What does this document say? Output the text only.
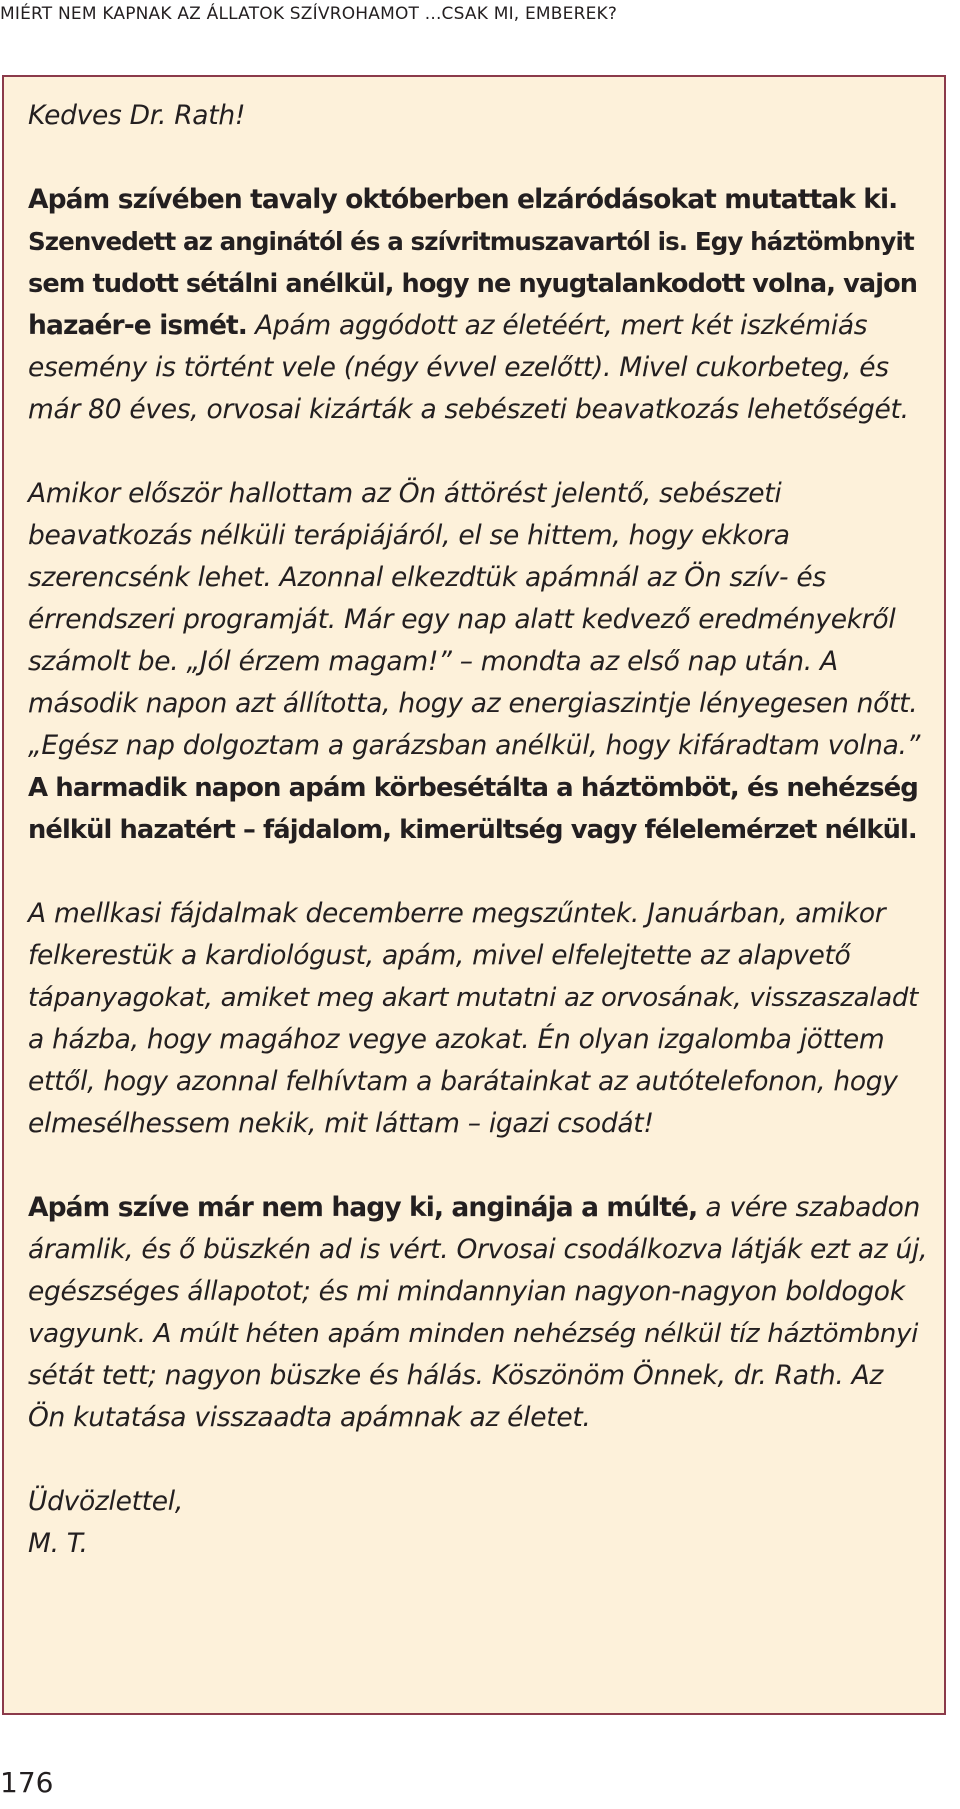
MIÉRT NEM KAPNAK AZ ÁLLATOK SZÍVROHAMOT ...CSAK MI, EMBEREK?
Kedves Dr. Rath!
Apám szívében tavaly októberben elzáródásokat mutattak ki.
Szenvedett az anginától és a szívritmuszavartól is. Egy háztömbnyit
sem tudott sétálni anélkül, hogy ne nyugtalankodott volna, vajon
hazaér-e ismét. Apám aggódott az életéért, mert két iszkémiás
esemény is történt vele (négy évvel ezelőtt). Mivel cukorbeteg, és
már 80 éves, orvosai kizárták a sebészeti beavatkozás lehetőségét.
Amikor először hallottam az Ön áttörést jelentő, sebészeti
beavatkozás nélküli terápiájáról, el se hittem, hogy ekkora
szerencsénk lehet. Azonnal elkezdtük apámnál az Ön szív- és
érrendszeri programját. Már egy nap alatt kedvező eredményekről
számolt be. „Jól érzem magam!” – mondta az első nap után. A
második napon azt állította, hogy az energiaszintje lényegesen nőtt.
„Egész nap dolgoztam a garázsban anélkül, hogy kifáradtam volna.”
A harmadik napon apám körbesétálta a háztömböt, és nehézség
nélkül hazatért – fájdalom, kimerültség vagy félelemérzet nélkül.
A mellkasi fájdalmak decemberre megszűntek. Januárban, amikor
felkerestük a kardiológust, apám, mivel elfelejtette az alapvető
tápanyagokat, amiket meg akart mutatni az orvosának, visszaszaladt
a házba, hogy magához vegye azokat. Én olyan izgalomba jöttem
ettől, hogy azonnal felhívtam a barátainkat az autótelefonon, hogy
elmesélhessem nekik, mit láttam – igazi csodát!
Apám szíve már nem hagy ki, anginája a múlté, a vére szabadon
áramlik, és ő büszkén ad is vért. Orvosai csodálkozva látják ezt az új,
egészséges állapotot; és mi mindannyian nagyon-nagyon boldogok
vagyunk. A múlt héten apám minden nehézség nélkül tíz háztömbnyi
sétát tett; nagyon büszke és hálás. Köszönöm Önnek, dr. Rath. Az
Ön kutatása visszaadta apámnak az életet.
Üdvözlettel,
M. T.
176
